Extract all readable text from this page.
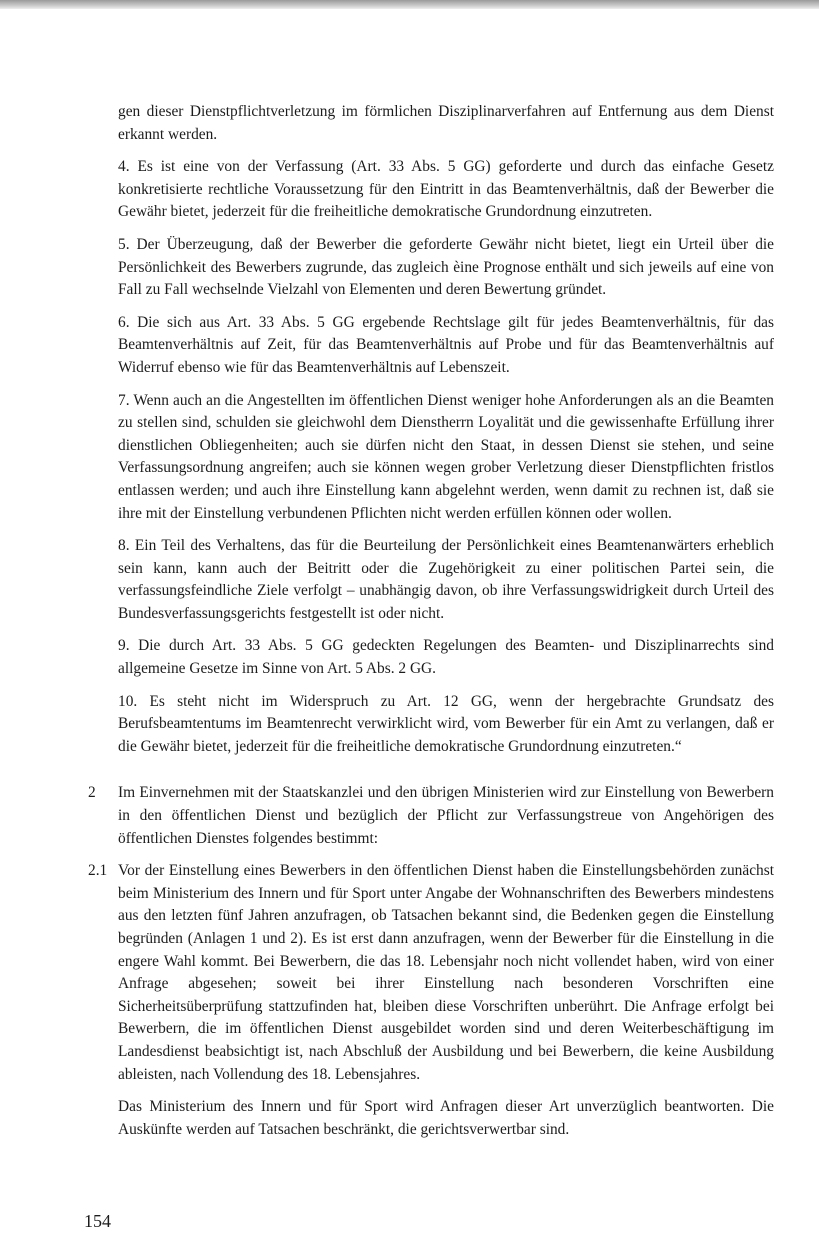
gen dieser Dienstpflichtverletzung im förmlichen Disziplinarverfahren auf Entfernung aus dem Dienst erkannt werden.

4. Es ist eine von der Verfassung (Art. 33 Abs. 5 GG) geforderte und durch das einfache Gesetz konkretisierte rechtliche Voraussetzung für den Eintritt in das Beamtenverhältnis, daß der Bewerber die Gewähr bietet, jederzeit für die freiheitliche demokratische Grundordnung einzutreten.

5. Der Überzeugung, daß der Bewerber die geforderte Gewähr nicht bietet, liegt ein Urteil über die Persönlichkeit des Bewerbers zugrunde, das zugleich èine Prognose enthält und sich jeweils auf eine von Fall zu Fall wechselnde Vielzahl von Elementen und deren Bewertung gründet.

6. Die sich aus Art. 33 Abs. 5 GG ergebende Rechtslage gilt für jedes Beamtenverhältnis, für das Beamtenverhältnis auf Zeit, für das Beamtenverhältnis auf Probe und für das Beamtenverhältnis auf Widerruf ebenso wie für das Beamtenverhältnis auf Lebenszeit.

7. Wenn auch an die Angestellten im öffentlichen Dienst weniger hohe Anforderungen als an die Beamten zu stellen sind, schulden sie gleichwohl dem Dienstherrn Loyalität und die gewissenhafte Erfüllung ihrer dienstlichen Obliegenheiten; auch sie dürfen nicht den Staat, in dessen Dienst sie stehen, und seine Verfassungsordnung angreifen; auch sie können wegen grober Verletzung dieser Dienstpflichten fristlos entlassen werden; und auch ihre Einstellung kann abgelehnt werden, wenn damit zu rechnen ist, daß sie ihre mit der Einstellung verbundenen Pflichten nicht werden erfüllen können oder wollen.

8. Ein Teil des Verhaltens, das für die Beurteilung der Persönlichkeit eines Beamtenanwärters erheblich sein kann, kann auch der Beitritt oder die Zugehörigkeit zu einer politischen Partei sein, die verfassungsfeindliche Ziele verfolgt – unabhängig davon, ob ihre Verfassungswidrigkeit durch Urteil des Bundesverfassungsgerichts festgestellt ist oder nicht.

9. Die durch Art. 33 Abs. 5 GG gedeckten Regelungen des Beamten- und Disziplinarrechts sind allgemeine Gesetze im Sinne von Art. 5 Abs. 2 GG.

10. Es steht nicht im Widerspruch zu Art. 12 GG, wenn der hergebrachte Grundsatz des Berufsbeamtentums im Beamtenrecht verwirklicht wird, vom Bewerber für ein Amt zu verlangen, daß er die Gewähr bietet, jederzeit für die freiheitliche demokratische Grundordnung einzutreten.“

2 Im Einvernehmen mit der Staatskanzlei und den übrigen Ministerien wird zur Einstellung von Bewerbern in den öffentlichen Dienst und bezüglich der Pflicht zur Verfassungstreue von Angehörigen des öffentlichen Dienstes folgendes bestimmt:

2.1 Vor der Einstellung eines Bewerbers in den öffentlichen Dienst haben die Einstellungsbehörden zunächst beim Ministerium des Innern und für Sport unter Angabe der Wohnanschriften des Bewerbers mindestens aus den letzten fünf Jahren anzufragen, ob Tatsachen bekannt sind, die Bedenken gegen die Einstellung begründen (Anlagen 1 und 2). Es ist erst dann anzufragen, wenn der Bewerber für die Einstellung in die engere Wahl kommt. Bei Bewerbern, die das 18. Lebensjahr noch nicht vollendet haben, wird von einer Anfrage abgesehen; soweit bei ihrer Einstellung nach besonderen Vorschriften eine Sicherheitsüberprüfung stattzufinden hat, bleiben diese Vorschriften unberührt. Die Anfrage erfolgt bei Bewerbern, die im öffentlichen Dienst ausgebildet worden sind und deren Weiterbeschäftigung im Landesdienst beabsichtigt ist, nach Abschluß der Ausbildung und bei Bewerbern, die keine Ausbildung ableisten, nach Vollendung des 18. Lebensjahres.

Das Ministerium des Innern und für Sport wird Anfragen dieser Art unverzüglich beantworten. Die Auskünfte werden auf Tatsachen beschränkt, die gerichtsverwertbar sind.

154
